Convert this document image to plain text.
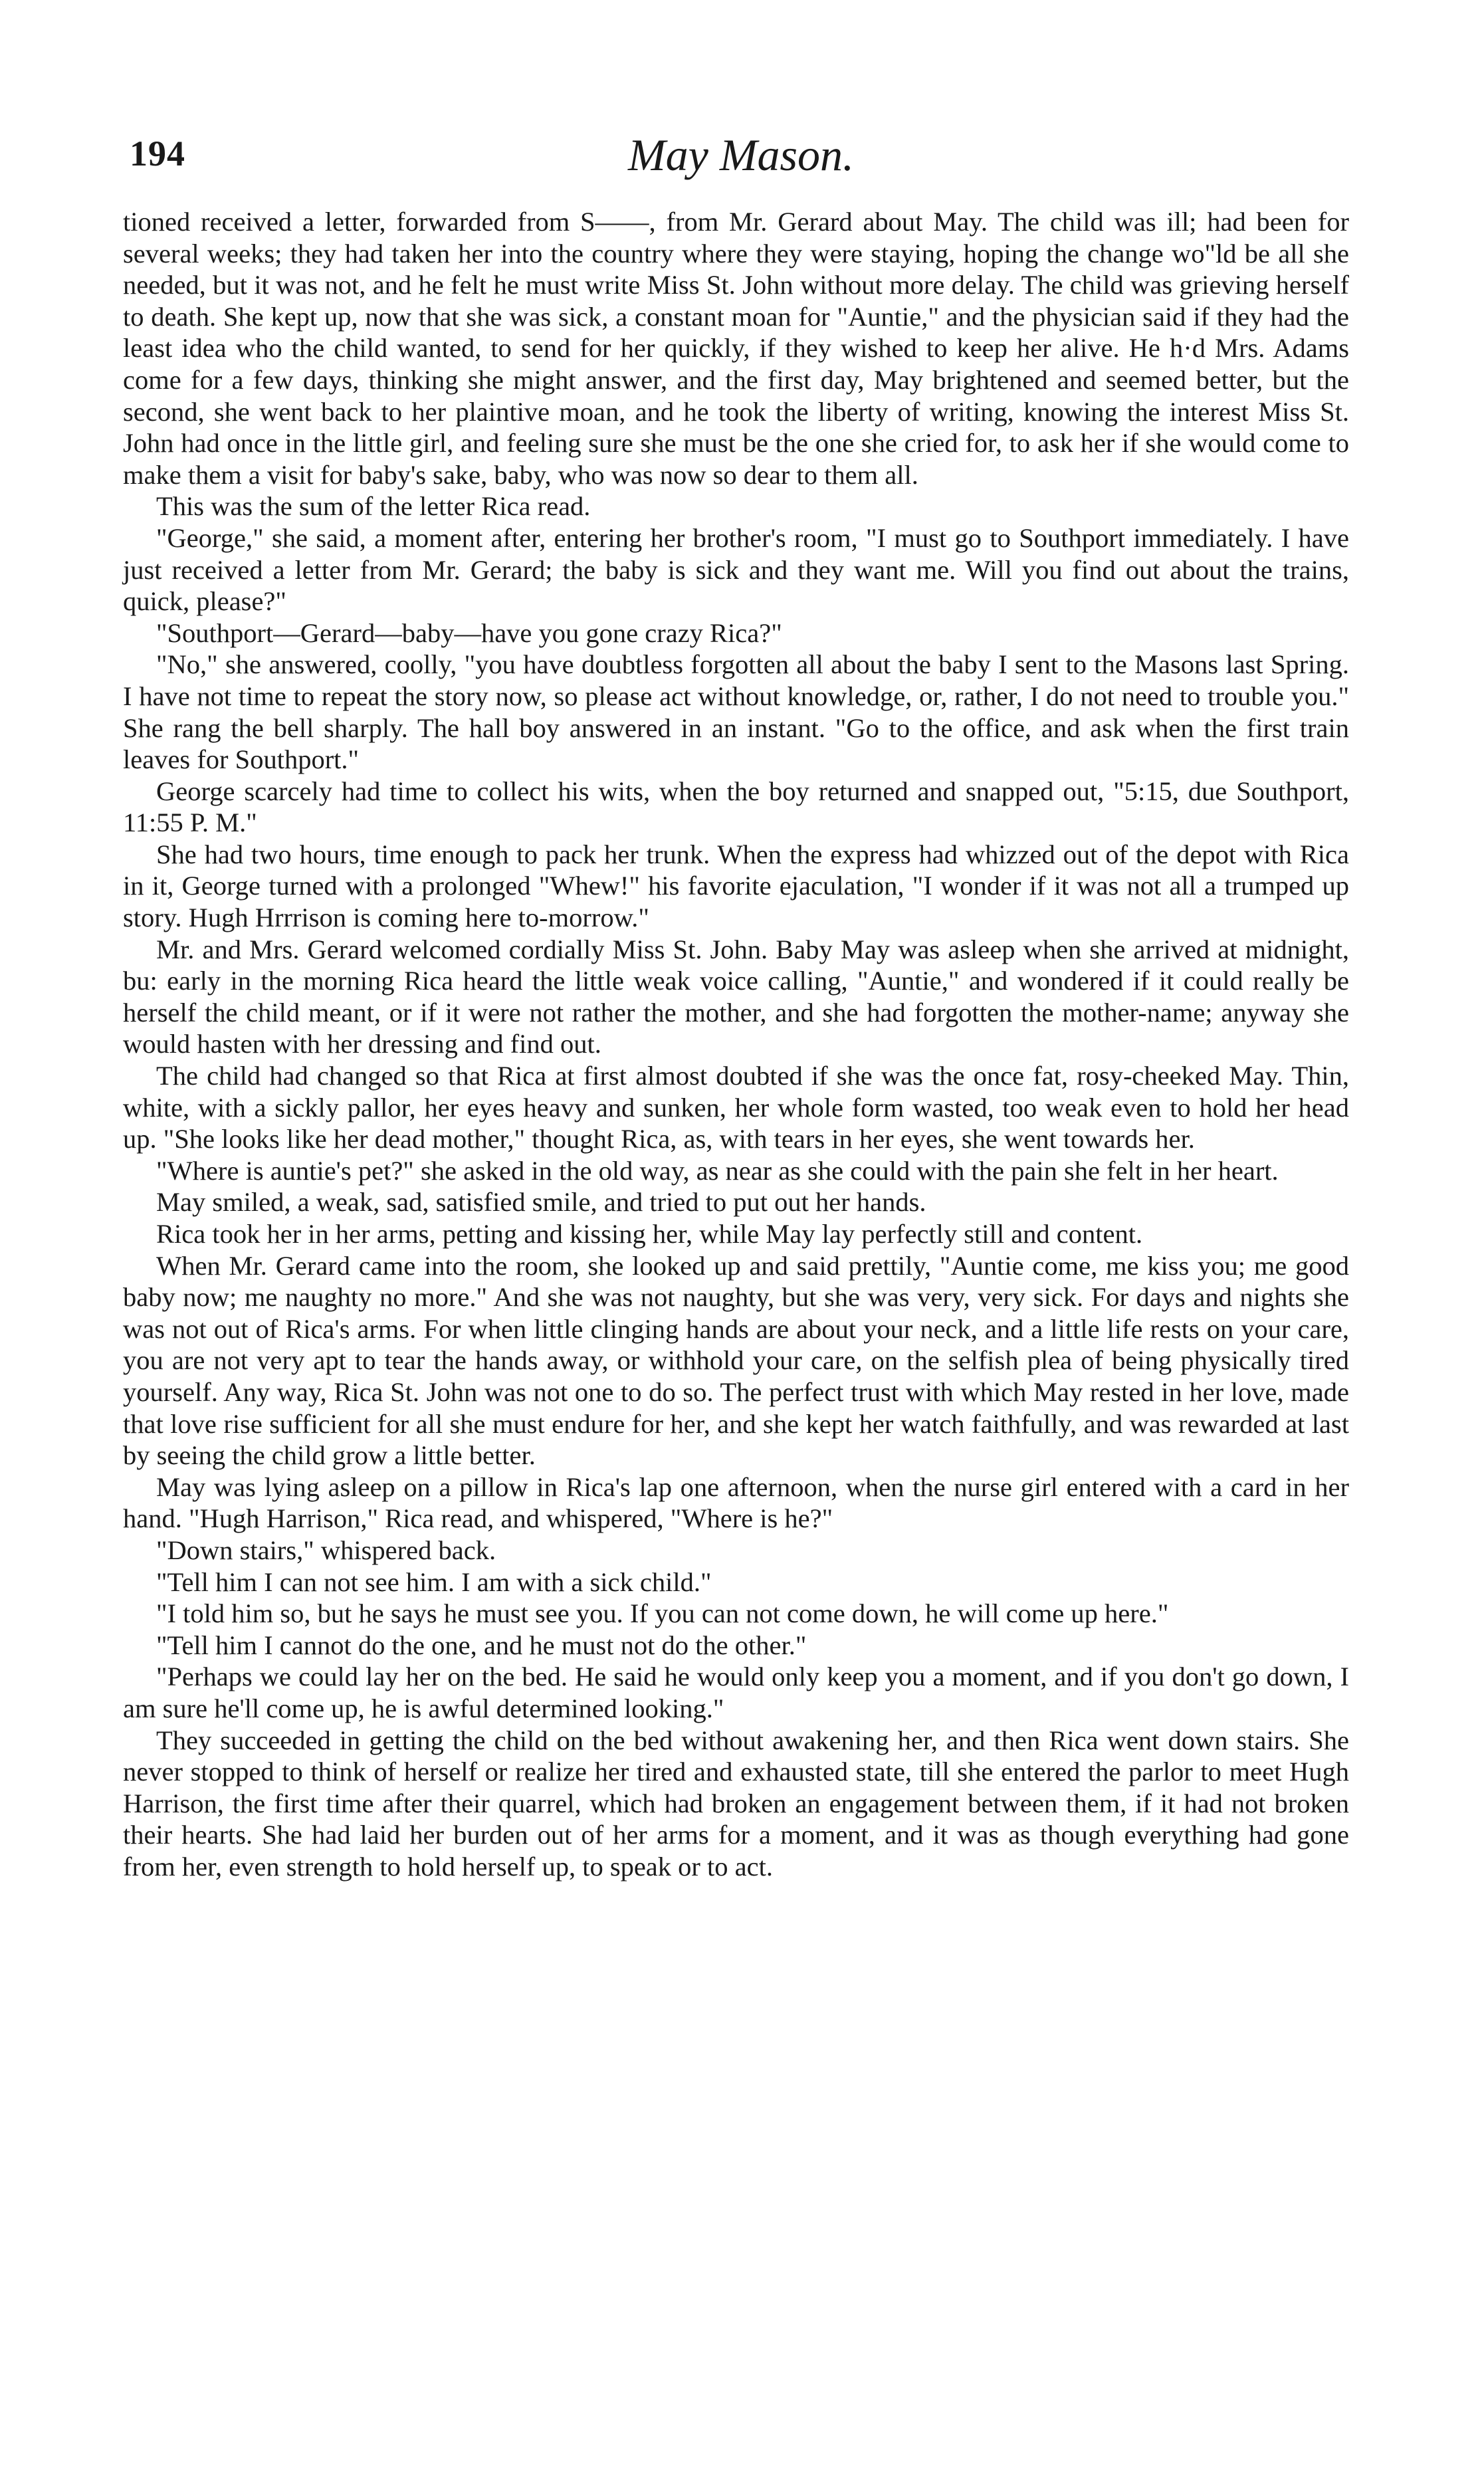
194	May Mason.

tioned received a letter, forwarded from S——, from Mr. Gerard about May. The child was ill; had been for several weeks; they had taken her into the country where they were staying, hoping the change wo"ld be all she needed, but it was not, and he felt he must write Miss St. John without more delay. The child was grieving herself to death. She kept up, now that she was sick, a constant moan for "Auntie," and the physician said if they had the least idea who the child wanted, to send for her quickly, if they wished to keep her alive. He h·d Mrs. Adams come for a few days, thinking she might answer, and the first day, May brightened and seemed better, but the second, she went back to her plaintive moan, and he took the liberty of writing, knowing the interest Miss St. John had once in the little girl, and feeling sure she must be the one she cried for, to ask her if she would come to make them a visit for baby's sake, baby, who was now so dear to them all.

This was the sum of the letter Rica read.

"George," she said, a moment after, entering her brother's room, "I must go to Southport immediately. I have just received a letter from Mr. Gerard; the baby is sick and they want me. Will you find out about the trains, quick, please?"

"Southport—Gerard—baby—have you gone crazy Rica?"

"No," she answered, coolly, "you have doubtless forgotten all about the baby I sent to the Masons last Spring. I have not time to repeat the story now, so please act without knowledge, or, rather, I do not need to trouble you." She rang the bell sharply. The hall boy answered in an instant. "Go to the office, and ask when the first train leaves for Southport."

George scarcely had time to collect his wits, when the boy returned and snapped out, "5:15, due Southport, 11:55 P. M."

She had two hours, time enough to pack her trunk. When the express had whizzed out of the depot with Rica in it, George turned with a prolonged "Whew!" his favorite ejaculation, "I wonder if it was not all a trumped up story. Hugh Hrrrison is coming here to-morrow."

Mr. and Mrs. Gerard welcomed cordially Miss St. John. Baby May was asleep when she arrived at midnight, bu: early in the morning Rica heard the little weak voice calling, "Auntie," and wondered if it could really be herself the child meant, or if it were not rather the mother, and she had forgotten the mother-name; anyway she would hasten with her dressing and find out.

The child had changed so that Rica at first almost doubted if she was the once fat, rosy-cheeked May. Thin, white, with a sickly pallor, her eyes heavy and sunken, her whole form wasted, too weak even to hold her head up. "She looks like her dead mother," thought Rica, as, with tears in her eyes, she went towards her.

"Where is auntie's pet?" she asked in the old way, as near as she could with the pain she felt in her heart.

May smiled, a weak, sad, satisfied smile, and tried to put out her hands.

Rica took her in her arms, petting and kissing her, while May lay perfectly still and content.

When Mr. Gerard came into the room, she looked up and said prettily, "Auntie come, me kiss you; me good baby now; me naughty no more." And she was not naughty, but she was very, very sick. For days and nights she was not out of Rica's arms. For when little clinging hands are about your neck, and a little life rests on your care, you are not very apt to tear the hands away, or withhold your care, on the selfish plea of being physically tired yourself. Any way, Rica St. John was not one to do so. The perfect trust with which May rested in her love, made that love rise sufficient for all she must endure for her, and she kept her watch faithfully, and was rewarded at last by seeing the child grow a little better.

May was lying asleep on a pillow in Rica's lap one afternoon, when the nurse girl entered with a card in her hand. "Hugh Harrison," Rica read, and whispered, "Where is he?"

"Down stairs," whispered back.

"Tell him I can not see him. I am with a sick child."

"I told him so, but he says he must see you. If you can not come down, he will come up here."

"Tell him I cannot do the one, and he must not do the other."

"Perhaps we could lay her on the bed. He said he would only keep you a moment, and if you don't go down, I am sure he'll come up, he is awful determined looking."

They succeeded in getting the child on the bed without awakening her, and then Rica went down stairs. She never stopped to think of herself or realize her tired and exhausted state, till she entered the parlor to meet Hugh Harrison, the first time after their quarrel, which had broken an engagement between them, if it had not broken their hearts. She had laid her burden out of her arms for a moment, and it was as though everything had gone from her, even strength to hold herself up, to speak or to act.
